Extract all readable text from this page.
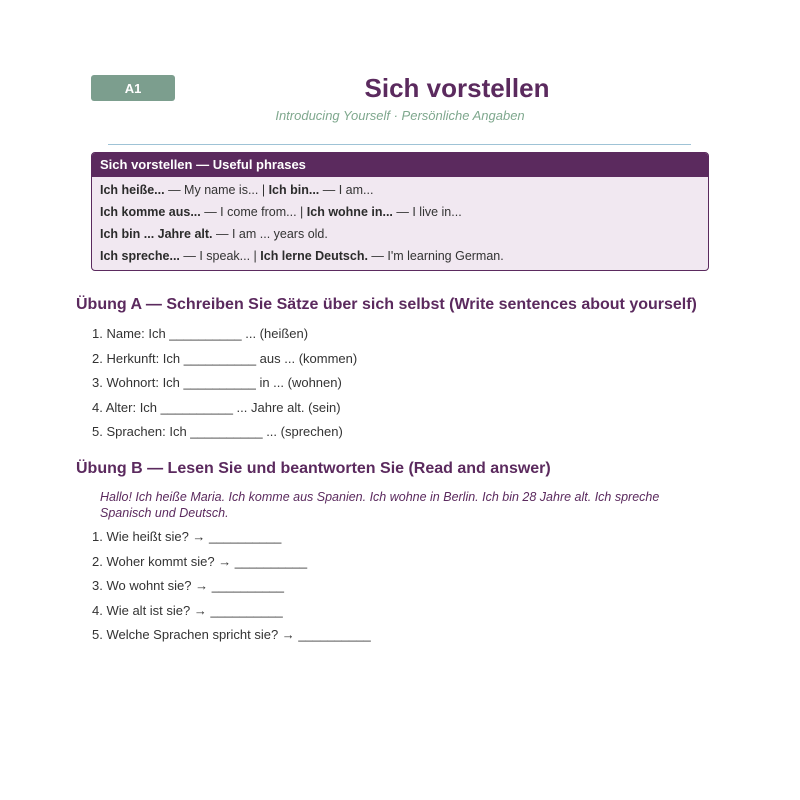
A1	Sich vorstellen

Introducing Yourself · Persönliche Angaben

Sich vorstellen — Useful phrases
Ich heiße... — My name is... | Ich bin... — I am...
Ich komme aus... — I come from... | Ich wohne in... — I live in...
Ich bin ... Jahre alt. — I am ... years old.
Ich spreche... — I speak... | Ich lerne Deutsch. — I'm learning German.
Übung A — Schreiben Sie Sätze über sich selbst (Write sentences about yourself)
1. Name: Ich __________ ... (heißen)
2. Herkunft: Ich __________ aus ... (kommen)
3. Wohnort: Ich __________ in ... (wohnen)
4. Alter: Ich __________ ... Jahre alt. (sein)
5. Sprachen: Ich __________ ... (sprechen)
Übung B — Lesen Sie und beantworten Sie (Read and answer)

Hallo! Ich heiße Maria. Ich komme aus Spanien. Ich wohne in Berlin. Ich bin 28 Jahre alt. Ich spreche Spanisch und Deutsch.

1. Wie heißt sie? → __________
2. Woher kommt sie? → __________
3. Wo wohnt sie? → __________
4. Wie alt ist sie? → __________
5. Welche Sprachen spricht sie? → __________
